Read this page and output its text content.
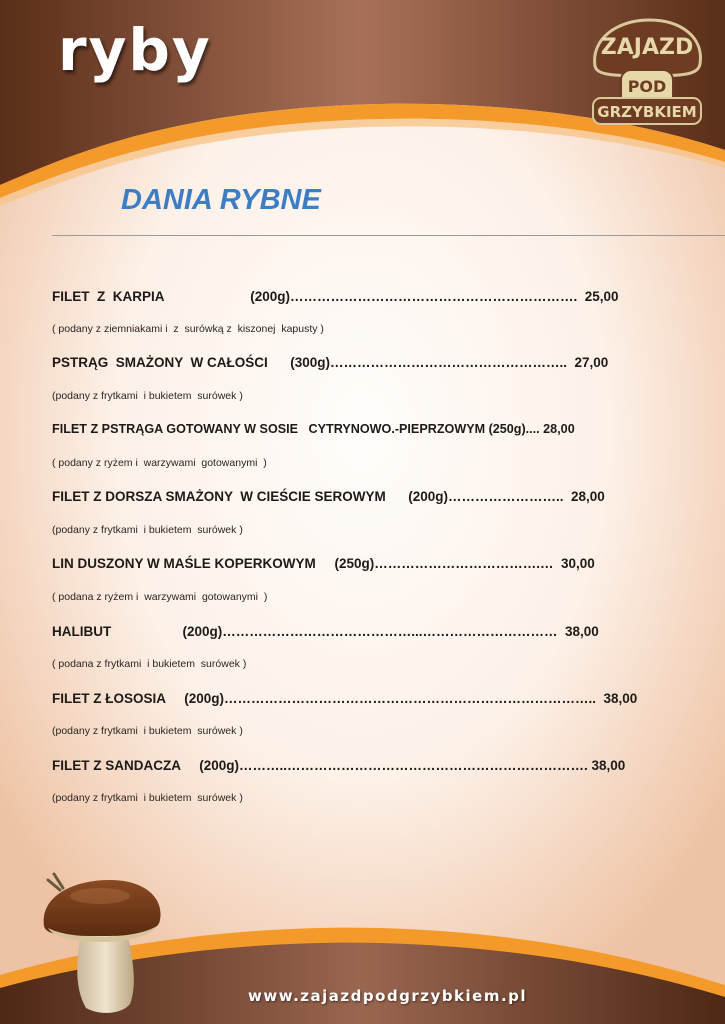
ryby	ZAJAZD
POD
GRZYBKIEM
DANIA RYBNE
FILET  Z  KARPIA                       (200g)……………………………………………………….  25,00
( podany z ziemniakami i  z  surówką z  kiszonej  kapusty )
PSTRĄG  SMAŻONY  W CAŁOŚCI      (300g)……………………………………………..  27,00
(podany z frytkami  i bukietem  surówek )
FILET Z PSTRĄGA GOTOWANY W SOSIE   CYTRYNOWO.-PIEPRZOWYM (250g).... 28,00
( podany z ryżem i  warzywami  gotowanymi  )
FILET Z DORSZA SMAŻONY  W CIEŚCIE SEROWYM      (200g)……………………..  28,00
(podany z frytkami  i bukietem  surówek )
LIN DUSZONY W MAŚLE KOPERKOWYM     (250g)……………………………….…  30,00
( podana z ryżem i  warzywami  gotowanymi  )
HALIBUT                   (200g)……………………………………...…………………………  38,00
( podana z frytkami  i bukietem  surówek )
FILET Z ŁOSOSIA     (200g)………………………………………………………………………..  38,00
(podany z frytkami  i bukietem  surówek )
FILET Z SANDACZA     (200g)………..…………………………………………………………. 38,00
(podany z frytkami  i bukietem  surówek )
www.zajazdpodgrzybkiem.pl
